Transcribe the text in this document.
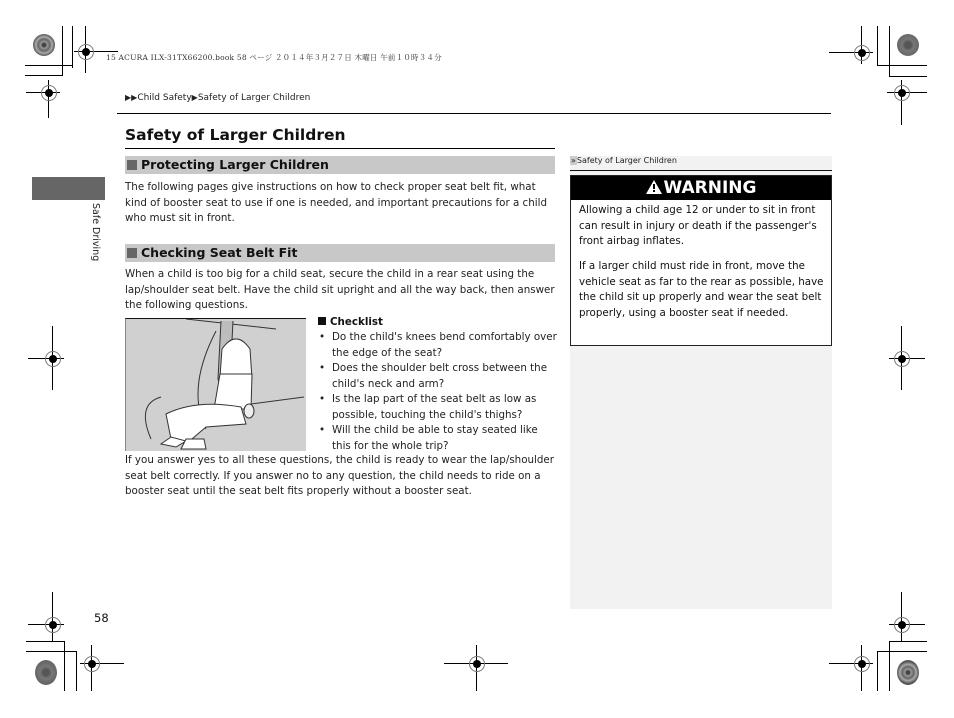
15 ACURA ILX-31TX66200.book 58 ページ ２０１４年３月２７日 木曜日 午前１０時３４分
▶▶Child Safety▶Safety of Larger Children
Safe Driving
Safety of Larger Children
Protecting Larger Children
The following pages give instructions on how to check proper seat belt fit, what kind of booster seat to use if one is needed, and important precautions for a child who must sit in front.
Checking Seat Belt Fit
When a child is too big for a child seat, secure the child in a rear seat using the lap/shoulder seat belt. Have the child sit upright and all the way back, then answer the following questions.
Checklist
• Do the child's knees bend comfortably over the edge of the seat?
• Does the shoulder belt cross between the child's neck and arm?
• Is the lap part of the seat belt as low as possible, touching the child's thighs?
• Will the child be able to stay seated like this for the whole trip?
If you answer yes to all these questions, the child is ready to wear the lap/shoulder seat belt correctly. If you answer no to any question, the child needs to ride on a booster seat until the seat belt fits properly without a booster seat.
»Safety of Larger Children
WARNING
Allowing a child age 12 or under to sit in front can result in injury or death if the passenger's front airbag inflates.
If a larger child must ride in front, move the vehicle seat as far to the rear as possible, have the child sit up properly and wear the seat belt properly, using a booster seat if needed.
58
